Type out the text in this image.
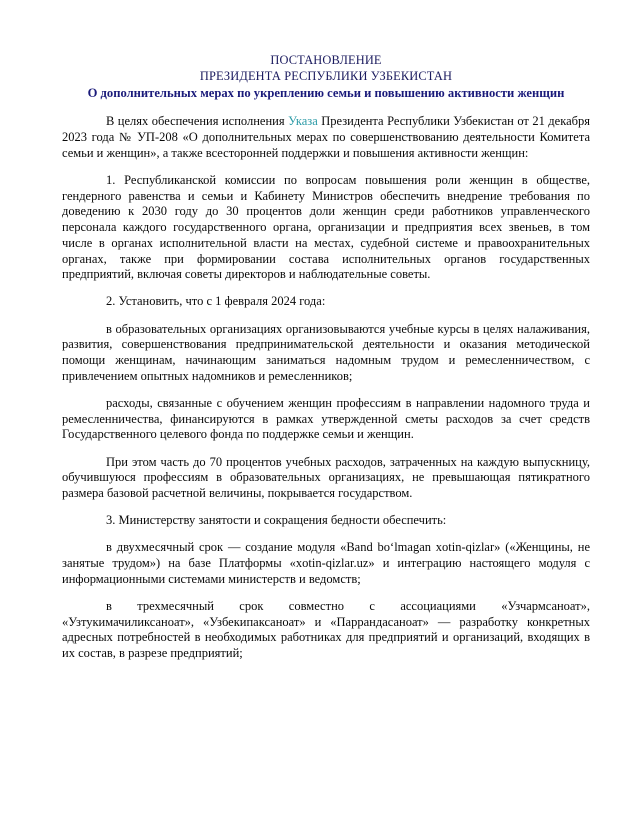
ПОСТАНОВЛЕНИЕ
ПРЕЗИДЕНТА РЕСПУБЛИКИ УЗБЕКИСТАН
О дополнительных мерах по укреплению семьи и повышению активности женщин

В целях обеспечения исполнения Указа Президента Республики Узбекистан от 21 декабря 2023 года № УП-208 «О дополнительных мерах по совершенствованию деятельности Комитета семьи и женщин», а также всесторонней поддержки и повышения активности женщин:

1. Республиканской комиссии по вопросам повышения роли женщин в обществе, гендерного равенства и семьи и Кабинету Министров обеспечить внедрение требования по доведению к 2030 году до 30 процентов доли женщин среди работников управленческого персонала каждого государственного органа, организации и предприятия всех звеньев, в том числе в органах исполнительной власти на местах, судебной системе и правоохранительных органах, также при формировании состава исполнительных органов государственных предприятий, включая советы директоров и наблюдательные советы.

2. Установить, что с 1 февраля 2024 года:

в образовательных организациях организовываются учебные курсы в целях налаживания, развития, совершенствования предпринимательской деятельности и оказания методической помощи женщинам, начинающим заниматься надомным трудом и ремесленничеством, с привлечением опытных надомников и ремесленников;

расходы, связанные с обучением женщин профессиям в направлении надомного труда и ремесленничества, финансируются в рамках утвержденной сметы расходов за счет средств Государственного целевого фонда по поддержке семьи и женщин.

При этом часть до 70 процентов учебных расходов, затраченных на каждую выпускницу, обучившуюся профессиям в образовательных организациях, не превышающая пятикратного размера базовой расчетной величины, покрывается государством.

3. Министерству занятости и сокращения бедности обеспечить:

в двухмесячный срок — создание модуля «Band bo‘lmagan xotin-qizlar» («Женщины, не занятые трудом») на базе Платформы «xotin-qizlar.uz» и интеграцию настоящего модуля с информационными системами министерств и ведомств;

в трехмесячный срок совместно с ассоциациями «Узчармсаноат», «Узтукимачиликсаноат», «Узбекипаксаноат» и «Паррандасаноат» — разработку конкретных адресных потребностей в необходимых работниках для предприятий и организаций, входящих в их состав, в разрезе предприятий;
